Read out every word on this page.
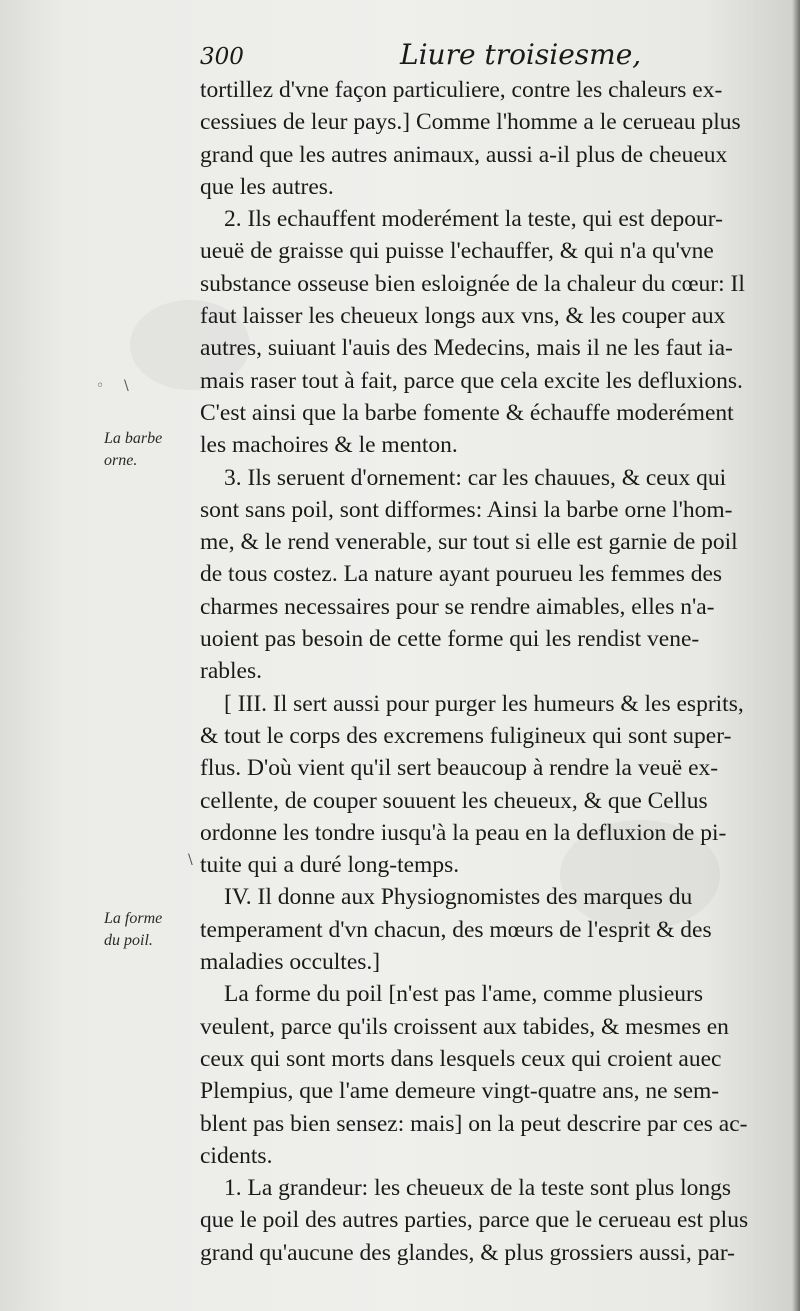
300	Liure troisiesme,
◦ \
\
La barbe
orne.
La forme
du poil.
tortillez d'vne façon particuliere, contre les chaleurs ex-
cessiues de leur pays.] Comme l'homme a le cerueau plus
grand que les autres animaux, aussi a-il plus de cheueux
que les autres.
2. Ils echauffent moderément la teste, qui est depour-
ueuë de graisse qui puisse l'echauffer, & qui n'a qu'vne
substance osseuse bien esloignée de la chaleur du cœur: Il
faut laisser les cheueux longs aux vns, & les couper aux
autres, suiuant l'auis des Medecins, mais il ne les faut ia-
mais raser tout à fait, parce que cela excite les defluxions.
C'est ainsi que la barbe fomente & échauffe moderément
les machoires & le menton.
3. Ils seruent d'ornement: car les chauues, & ceux qui
sont sans poil, sont difformes: Ainsi la barbe orne l'hom-
me, & le rend venerable, sur tout si elle est garnie de poil
de tous costez. La nature ayant pourueu les femmes des
charmes necessaires pour se rendre aimables, elles n'a-
uoient pas besoin de cette forme qui les rendist vene-
rables.
[ III. Il sert aussi pour purger les humeurs & les esprits,
& tout le corps des excremens fuligineux qui sont super-
flus. D'où vient qu'il sert beaucoup à rendre la veuë ex-
cellente, de couper souuent les cheueux, & que Cellus
ordonne les tondre iusqu'à la peau en la defluxion de pi-
tuite qui a duré long-temps.
IV. Il donne aux Physiognomistes des marques du
temperament d'vn chacun, des mœurs de l'esprit & des
maladies occultes.]
La forme du poil [n'est pas l'ame, comme plusieurs
veulent, parce qu'ils croissent aux tabides, & mesmes en
ceux qui sont morts dans lesquels ceux qui croient auec
Plempius, que l'ame demeure vingt-quatre ans, ne sem-
blent pas bien sensez: mais] on la peut descrire par ces ac-
cidents.
1. La grandeur: les cheueux de la teste sont plus longs
que le poil des autres parties, parce que le cerueau est plus
grand qu'aucune des glandes, & plus grossiers aussi, par-
